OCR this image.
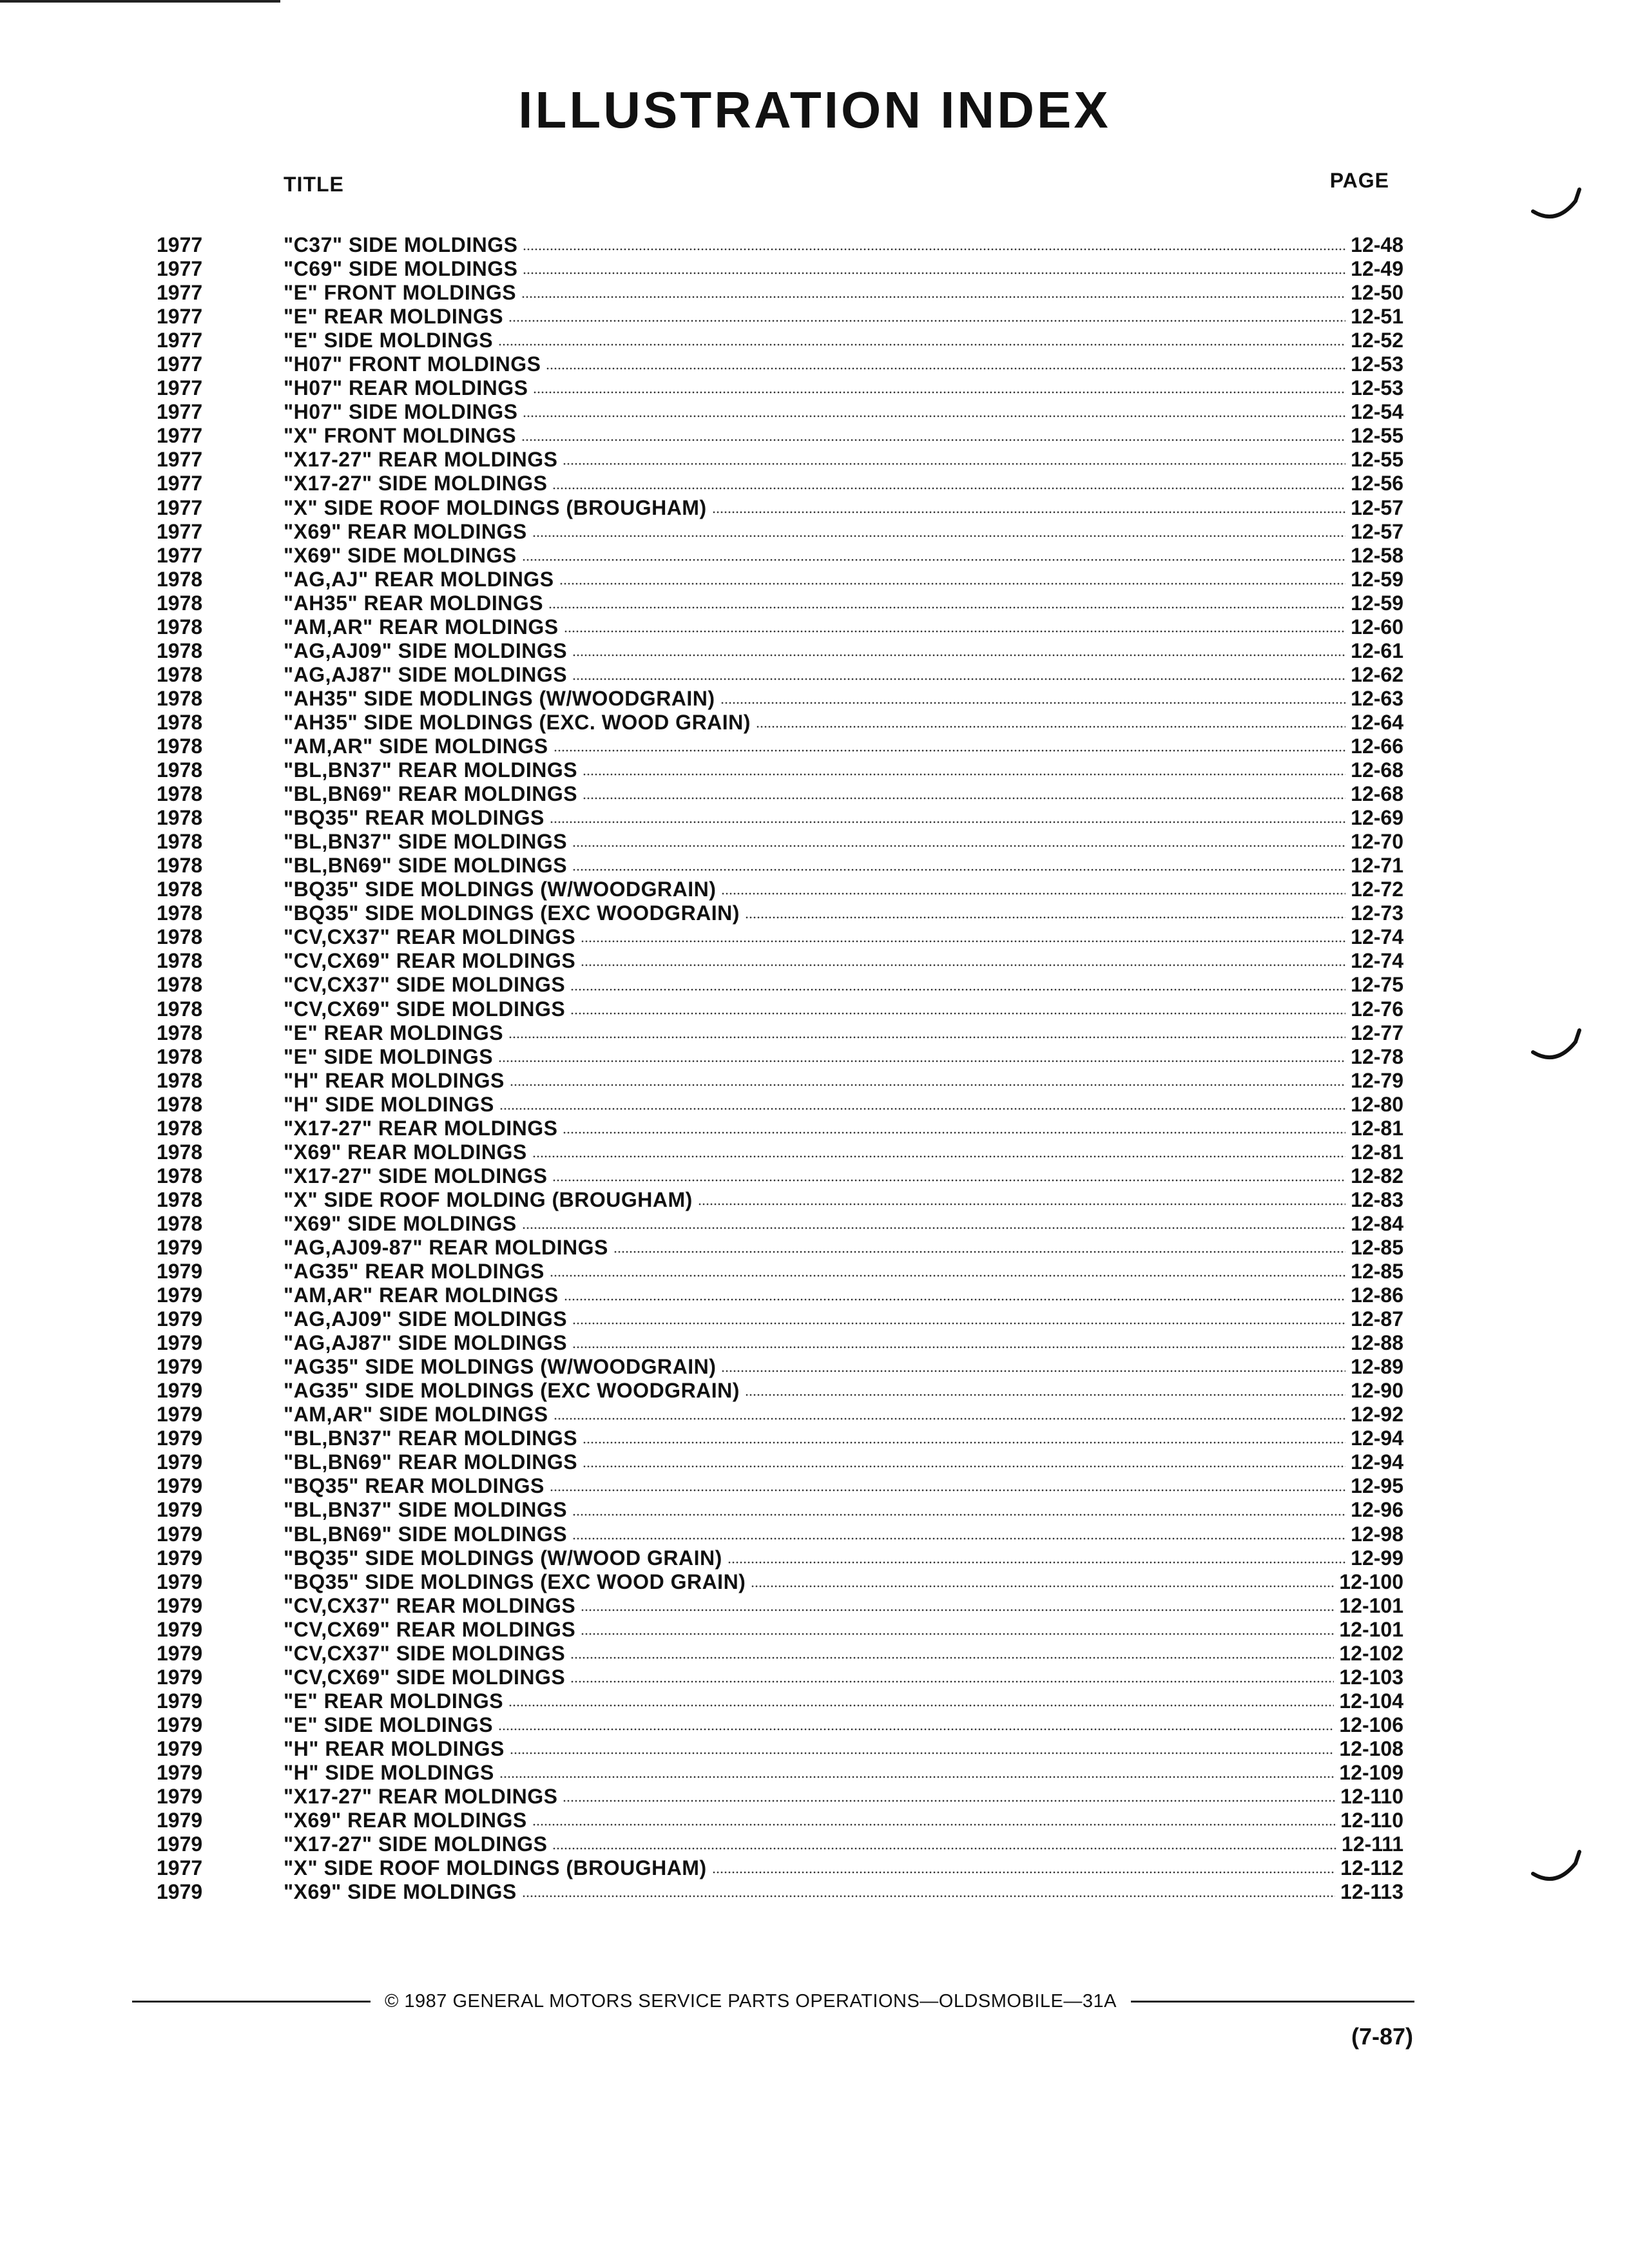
ILLUSTRATION INDEX
TITLE	PAGE
1977	"C37" SIDE MOLDINGS	12-48
1977	"C69" SIDE MOLDINGS	12-49
1977	"E" FRONT MOLDINGS	12-50
1977	"E" REAR MOLDINGS	12-51
1977	"E" SIDE MOLDINGS	12-52
1977	"H07" FRONT MOLDINGS	12-53
1977	"H07" REAR MOLDINGS	12-53
1977	"H07" SIDE MOLDINGS	12-54
1977	"X" FRONT MOLDINGS	12-55
1977	"X17-27" REAR MOLDINGS	12-55
1977	"X17-27" SIDE MOLDINGS	12-56
1977	"X" SIDE ROOF MOLDINGS (BROUGHAM)	12-57
1977	"X69" REAR MOLDINGS	12-57
1977	"X69" SIDE MOLDINGS	12-58
1978	"AG,AJ" REAR MOLDINGS	12-59
1978	"AH35" REAR MOLDINGS	12-59
1978	"AM,AR" REAR MOLDINGS	12-60
1978	"AG,AJ09" SIDE MOLDINGS	12-61
1978	"AG,AJ87" SIDE MOLDINGS	12-62
1978	"AH35" SIDE MODLINGS (W/WOODGRAIN)	12-63
1978	"AH35" SIDE MOLDINGS (EXC. WOOD GRAIN)	12-64
1978	"AM,AR" SIDE MOLDINGS	12-66
1978	"BL,BN37" REAR MOLDINGS	12-68
1978	"BL,BN69" REAR MOLDINGS	12-68
1978	"BQ35" REAR MOLDINGS	12-69
1978	"BL,BN37" SIDE MOLDINGS	12-70
1978	"BL,BN69" SIDE MOLDINGS	12-71
1978	"BQ35" SIDE MOLDINGS (W/WOODGRAIN)	12-72
1978	"BQ35" SIDE MOLDINGS (EXC WOODGRAIN)	12-73
1978	"CV,CX37" REAR MOLDINGS	12-74
1978	"CV,CX69" REAR MOLDINGS	12-74
1978	"CV,CX37" SIDE MOLDINGS	12-75
1978	"CV,CX69" SIDE MOLDINGS	12-76
1978	"E" REAR MOLDINGS	12-77
1978	"E" SIDE MOLDINGS	12-78
1978	"H" REAR MOLDINGS	12-79
1978	"H" SIDE MOLDINGS	12-80
1978	"X17-27" REAR MOLDINGS	12-81
1978	"X69" REAR MOLDINGS	12-81
1978	"X17-27" SIDE MOLDINGS	12-82
1978	"X" SIDE ROOF MOLDING (BROUGHAM)	12-83
1978	"X69" SIDE MOLDINGS	12-84
1979	"AG,AJ09-87" REAR MOLDINGS	12-85
1979	"AG35" REAR MOLDINGS	12-85
1979	"AM,AR" REAR MOLDINGS	12-86
1979	"AG,AJ09" SIDE MOLDINGS	12-87
1979	"AG,AJ87" SIDE MOLDINGS	12-88
1979	"AG35" SIDE MOLDINGS (W/WOODGRAIN)	12-89
1979	"AG35" SIDE MOLDINGS (EXC WOODGRAIN)	12-90
1979	"AM,AR" SIDE MOLDINGS	12-92
1979	"BL,BN37" REAR MOLDINGS	12-94
1979	"BL,BN69" REAR MOLDINGS	12-94
1979	"BQ35" REAR MOLDINGS	12-95
1979	"BL,BN37" SIDE MOLDINGS	12-96
1979	"BL,BN69" SIDE MOLDINGS	12-98
1979	"BQ35" SIDE MOLDINGS (W/WOOD GRAIN)	12-99
1979	"BQ35" SIDE MOLDINGS (EXC WOOD GRAIN)	12-100
1979	"CV,CX37" REAR MOLDINGS	12-101
1979	"CV,CX69" REAR MOLDINGS	12-101
1979	"CV,CX37" SIDE MOLDINGS	12-102
1979	"CV,CX69" SIDE MOLDINGS	12-103
1979	"E" REAR MOLDINGS	12-104
1979	"E" SIDE MOLDINGS	12-106
1979	"H" REAR MOLDINGS	12-108
1979	"H" SIDE MOLDINGS	12-109
1979	"X17-27" REAR MOLDINGS	12-110
1979	"X69" REAR MOLDINGS	12-110
1979	"X17-27" SIDE MOLDINGS	12-111
1977	"X" SIDE ROOF MOLDINGS (BROUGHAM)	12-112
1979	"X69" SIDE MOLDINGS	12-113
© 1987 GENERAL MOTORS SERVICE PARTS OPERATIONS—OLDSMOBILE—31A
(7-87)
